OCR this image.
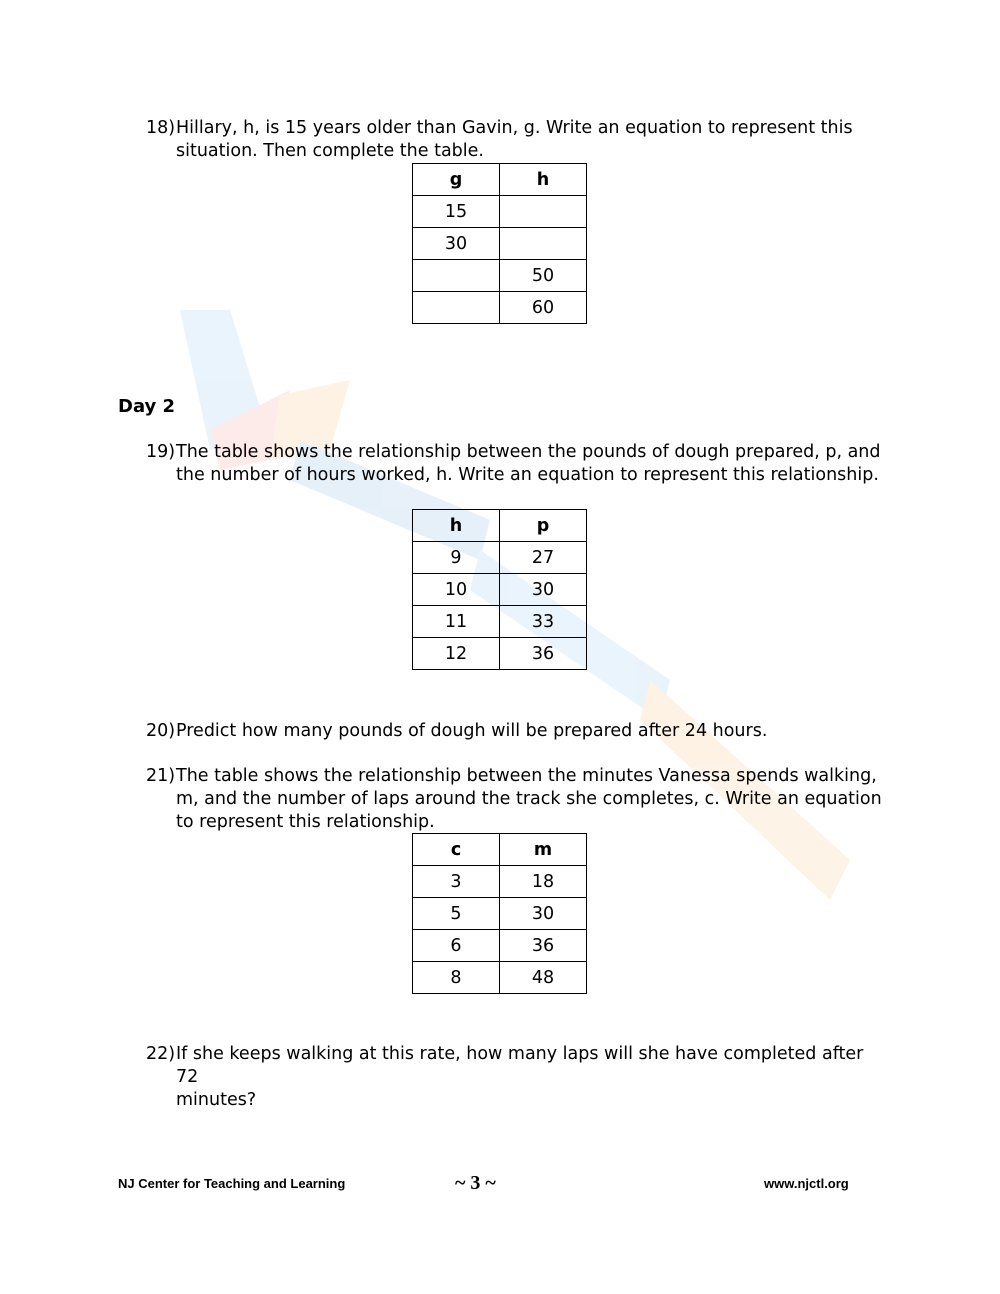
18) Hillary, h, is 15 years older than Gavin, g. Write an equation to represent this
situation. Then complete the table.
g	h
15	
30	
	50
	60
Day 2
19) The table shows the relationship between the pounds of dough prepared, p, and
the number of hours worked, h. Write an equation to represent this relationship.
h	p
9	27
10	30
11	33
12	36
20) Predict how many pounds of dough will be prepared after 24 hours.
21) The table shows the relationship between the minutes Vanessa spends walking,
m, and the number of laps around the track she completes, c. Write an equation
to represent this relationship.
c	m
3	18
5	30
6	36
8	48
22) If she keeps walking at this rate, how many laps will she have completed after 72
minutes?
NJ Center for Teaching and Learning	~ 3 ~	www.njctl.org
